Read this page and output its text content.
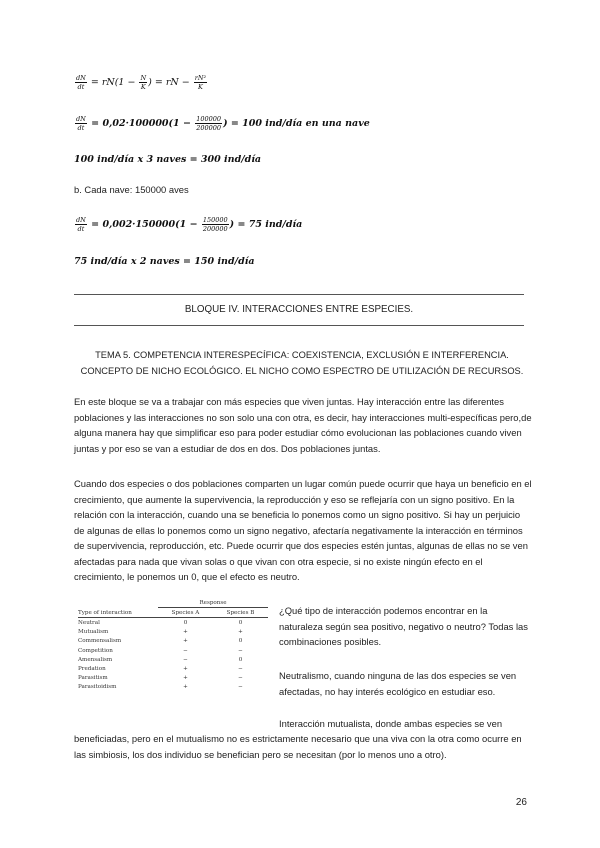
$\frac{dN}{dt} = rN(1 - \frac{N}{K}$ ) = rN − $\frac{\text{rN²}}{K}$
$\frac{dN}{dt} = 0,02\cdot 100000(1 - \frac{100000}{200000}$ ) = 100 ind/día en una nave
100 ind/día x 3 naves = 300 ind/día
b. Cada nave: 150000 aves
$\frac{dN}{dt} = 0,002\cdot 150000(1 - \frac{150000}{200000}$ ) = 75 ind/día
75 ind/día x 2 naves = 150 ind/día
BLOQUE IV. INTERACCIONES ENTRE ESPECIES.
TEMA 5. COMPETENCIA INTERESPECÍFICA: COEXISTENCIA, EXCLUSIÓN E INTERFERENCIA. CONCEPTO DE NICHO ECOLÓGICO. EL NICHO COMO ESPECTRO DE UTILIZACIÓN DE RECURSOS.
En este bloque se va a trabajar con más especies que viven juntas. Hay interacción entre las diferentes poblaciones y las interacciones no son solo una con otra, es decir, hay interacciones multi-específicas pero,de alguna manera hay que simplificar eso para poder estudiar cómo evolucionan las poblaciones cuando viven juntas y por eso se van a estudiar de dos en dos. Dos poblaciones juntas.
Cuando dos especies o dos poblaciones comparten un lugar común puede ocurrir que haya un beneficio en el crecimiento, que aumente la supervivencia, la reproducción y eso se reflejaría con un signo positivo. En la relación con la interacción, cuando una se beneficia lo ponemos como un signo positivo. Si hay un perjuicio de algunas de ellas lo ponemos como un signo negativo, afectaría negativamente la interacción en términos de supervivencia, reproducción, etc. Puede ocurrir que dos especies estén juntas, algunas de ellas no se ven afectadas para nada que vivan solas o que vivan con otra especie, si no existe ningún efecto en el crecimiento, le ponemos un 0, que el efecto es neutro.
	Response	
Type of interaction	Species A	Species B
Neutral	0	0
Mutualism	+	+
Commensalism	+	0
Competition	−	−
Amensalism	−	0
Predation	+	−
Parasitism	+	−
Parasitoidism	+	−
¿Qué tipo de interacción podemos encontrar en la naturaleza según sea positivo, negativo o neutro? Todas las combinaciones posibles.
Neutralismo, cuando ninguna de las dos especies se ven afectadas, no hay interés ecológico en estudiar eso.
Interacción mutualista, donde ambas especies se ven
beneficiadas, pero en el mutualismo no es estrictamente necesario que una viva con la otra como ocurre en las simbiosis, los dos individuo se benefician pero se necesitan (por lo menos uno a otro).
26
